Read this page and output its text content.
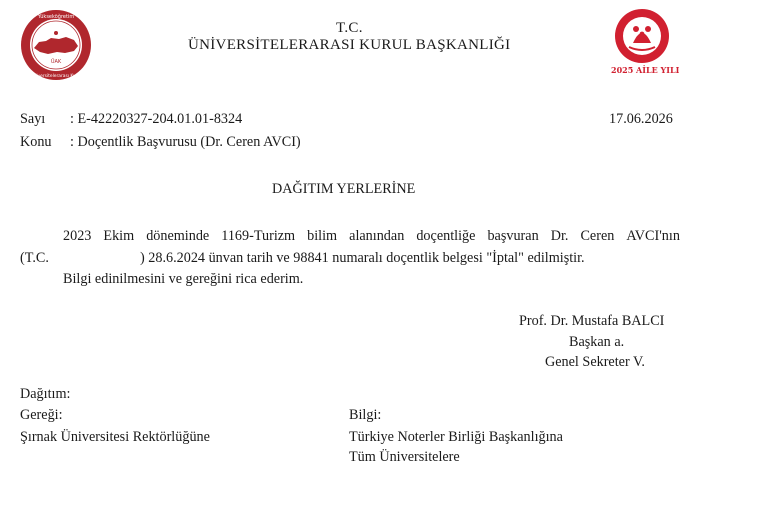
ÜAK
Yükseköğretim
Üniversitelerarası Kurul
2025 AİLE YILI
T.C.
ÜNİVERSİTELERARASI KURUL BAŞKANLIĞI
Sayı : E-42220327-204.01.01-8324	17.06.2026
Konu : Doçentlik Başvurusu (Dr. Ceren AVCI)
DAĞITIM YERLERİNE
2023 Ekim döneminde 1169-Turizm bilim alanından doçentliğe başvuran Dr. Ceren AVCI'nın
(T.C.	) 28.6.2024 ünvan tarih ve 98841 numaralı doçentlik belgesi "İptal" edilmiştir.
Bilgi edinilmesini ve gereğini rica ederim.
Prof. Dr. Mustafa BALCI
Başkan a.
Genel Sekreter V.
Dağıtım:
Gereği:
Şırnak Üniversitesi Rektörlüğüne
Bilgi:
Türkiye Noterler Birliği Başkanlığına
Tüm Üniversitelere
